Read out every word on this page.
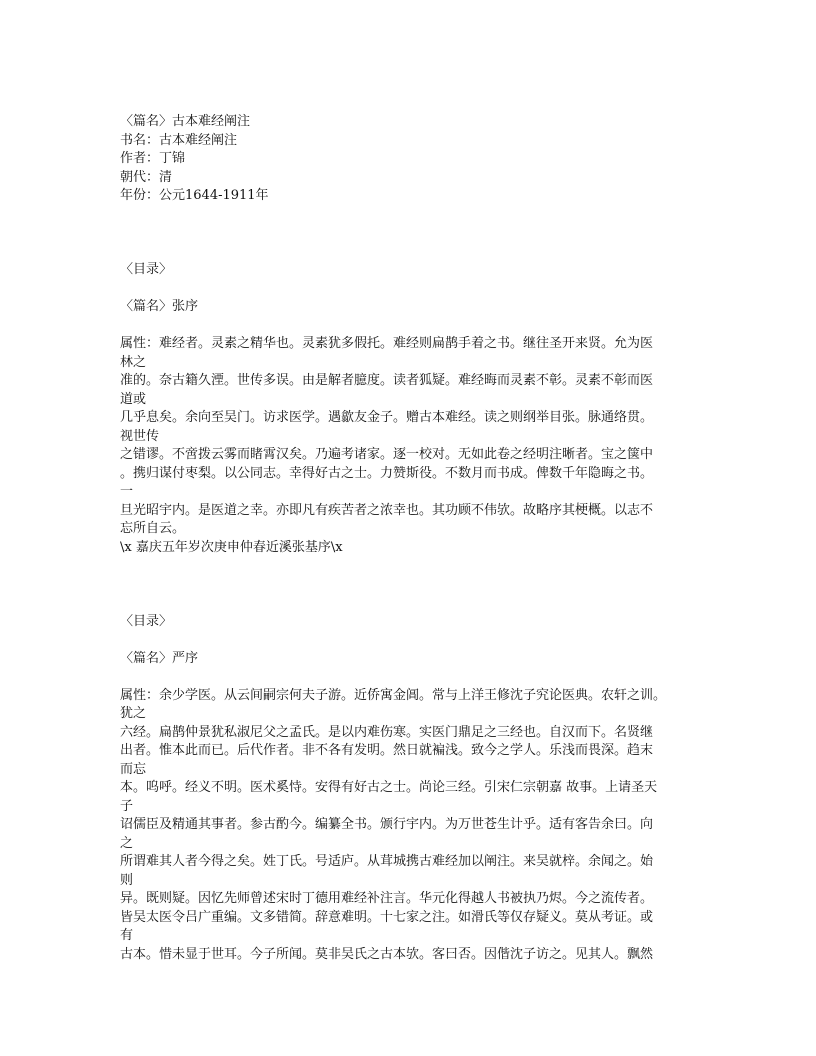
〈篇名〉古本难经阐注
书名：古本难经阐注
作者：丁锦
朝代：清
年份：公元1644-1911年
〈目录〉
〈篇名〉张序
属性：难经者。灵素之精华也。灵素犹多假托。难经则扁鹊手着之书。继往圣开来贤。允为医
林之
准的。奈古籍久湮。世传多误。由是解者臆度。读者狐疑。难经晦而灵素不彰。灵素不彰而医
道或
几乎息矣。余向至吴门。访求医学。遇歙友金子。赠古本难经。读之则纲举目张。脉通络贯。
视世传
之错谬。不啻拨云雾而睹霄汉矣。乃遍考诸家。逐一校对。无如此卷之经明注晰者。宝之箧中
。携归谋付枣梨。以公同志。幸得好古之士。力赞斯役。不数月而书成。俾数千年隐晦之书。
一
旦光昭宇内。是医道之幸。亦即凡有疾苦者之浓幸也。其功顾不伟欤。故略序其梗概。以志不
忘所自云。
\x 嘉庆五年岁次庚申仲春近溪张基序\x
〈目录〉
〈篇名〉严序
属性：余少学医。从云间嗣宗何夫子游。近侨寓金阊。常与上洋王修沈子究论医典。农轩之训。
犹之
六经。扁鹊仲景犹私淑尼父之孟氏。是以内难伤寒。实医门鼎足之三经也。自汉而下。名贤继
出者。惟本此而已。后代作者。非不各有发明。然日就褊浅。致今之学人。乐浅而畏深。趋末
而忘
本。呜呼。经义不明。医术奚恃。安得有好古之士。尚论三经。引宋仁宗朝嘉 故事。上请圣天
子
诏儒臣及精通其事者。参古酌今。编纂全书。颁行宇内。为万世苍生计乎。适有客告余曰。向
之
所谓难其人者今得之矣。姓丁氏。号适庐。从茸城携古难经加以阐注。来吴就梓。余闻之。始
则
异。既则疑。因忆先师曾述宋时丁德用难经补注言。华元化得越人书被执乃烬。今之流传者。
皆吴太医令吕广重编。文多错简。辞意难明。十七家之注。如滑氏等仅存疑义。莫从考证。或
有
古本。惜未显于世耳。今子所闻。莫非吴氏之古本欤。客曰否。因偕沈子访之。见其人。飘然
